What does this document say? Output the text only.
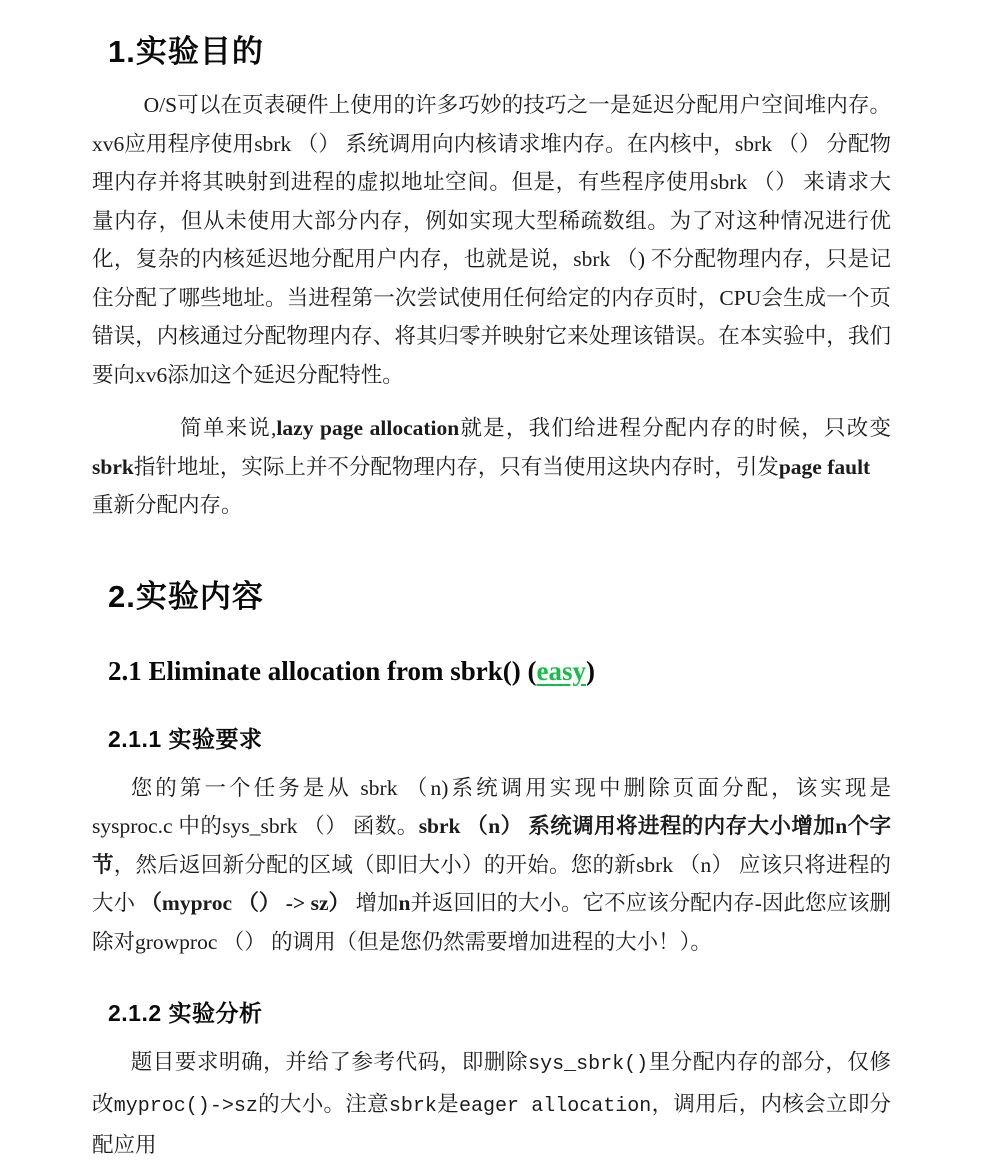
1.实验目的

O/S可以在页表硬件上使用的许多巧妙的技巧之一是延迟分配用户空间堆内存。xv6应用程序使用sbrk （） 系统调用向内核请求堆内存。在内核中，sbrk （） 分配物理内存并将其映射到进程的虚拟地址空间。但是，有些程序使用sbrk （） 来请求大量内存，但从未使用大部分内存，例如实现大型稀疏数组。为了对这种情况进行优化，复杂的内核延迟地分配用户内存，也就是说，sbrk （) 不分配物理内存，只是记住分配了哪些地址。当进程第一次尝试使用任何给定的内存页时，CPU会生成一个页错误，内核通过分配物理内存、将其归零并映射它来处理该错误。在本实验中，我们要向xv6添加这个延迟分配特性。

简单来说,lazy page allocation就是，我们给进程分配内存的时候，只改变sbrk指针地址，实际上并不分配物理内存，只有当使用这块内存时，引发page fault　重新分配内存。

2.实验内容
2.1 Eliminate allocation from sbrk() (easy)
2.1.1 实验要求

您的第一个任务是从 sbrk （n)系统调用实现中删除页面分配，该实现是　sysproc.c 中的sys_sbrk （） 函数。sbrk （n） 系统调用将进程的内存大小增加n个字节，然后返回新分配的区域（即旧大小）的开始。您的新sbrk （n） 应该只将进程的大小 （myproc （） -> sz） 增加n并返回旧的大小。它不应该分配内存-因此您应该删除对growproc （） 的调用（但是您仍然需要增加进程的大小！）。

2.1.2 实验分析

题目要求明确，并给了参考代码，即删除sys_sbrk()里分配内存的部分，仅修改myproc()->sz的大小。注意sbrk是eager allocation，调用后，内核会立即分配应用
